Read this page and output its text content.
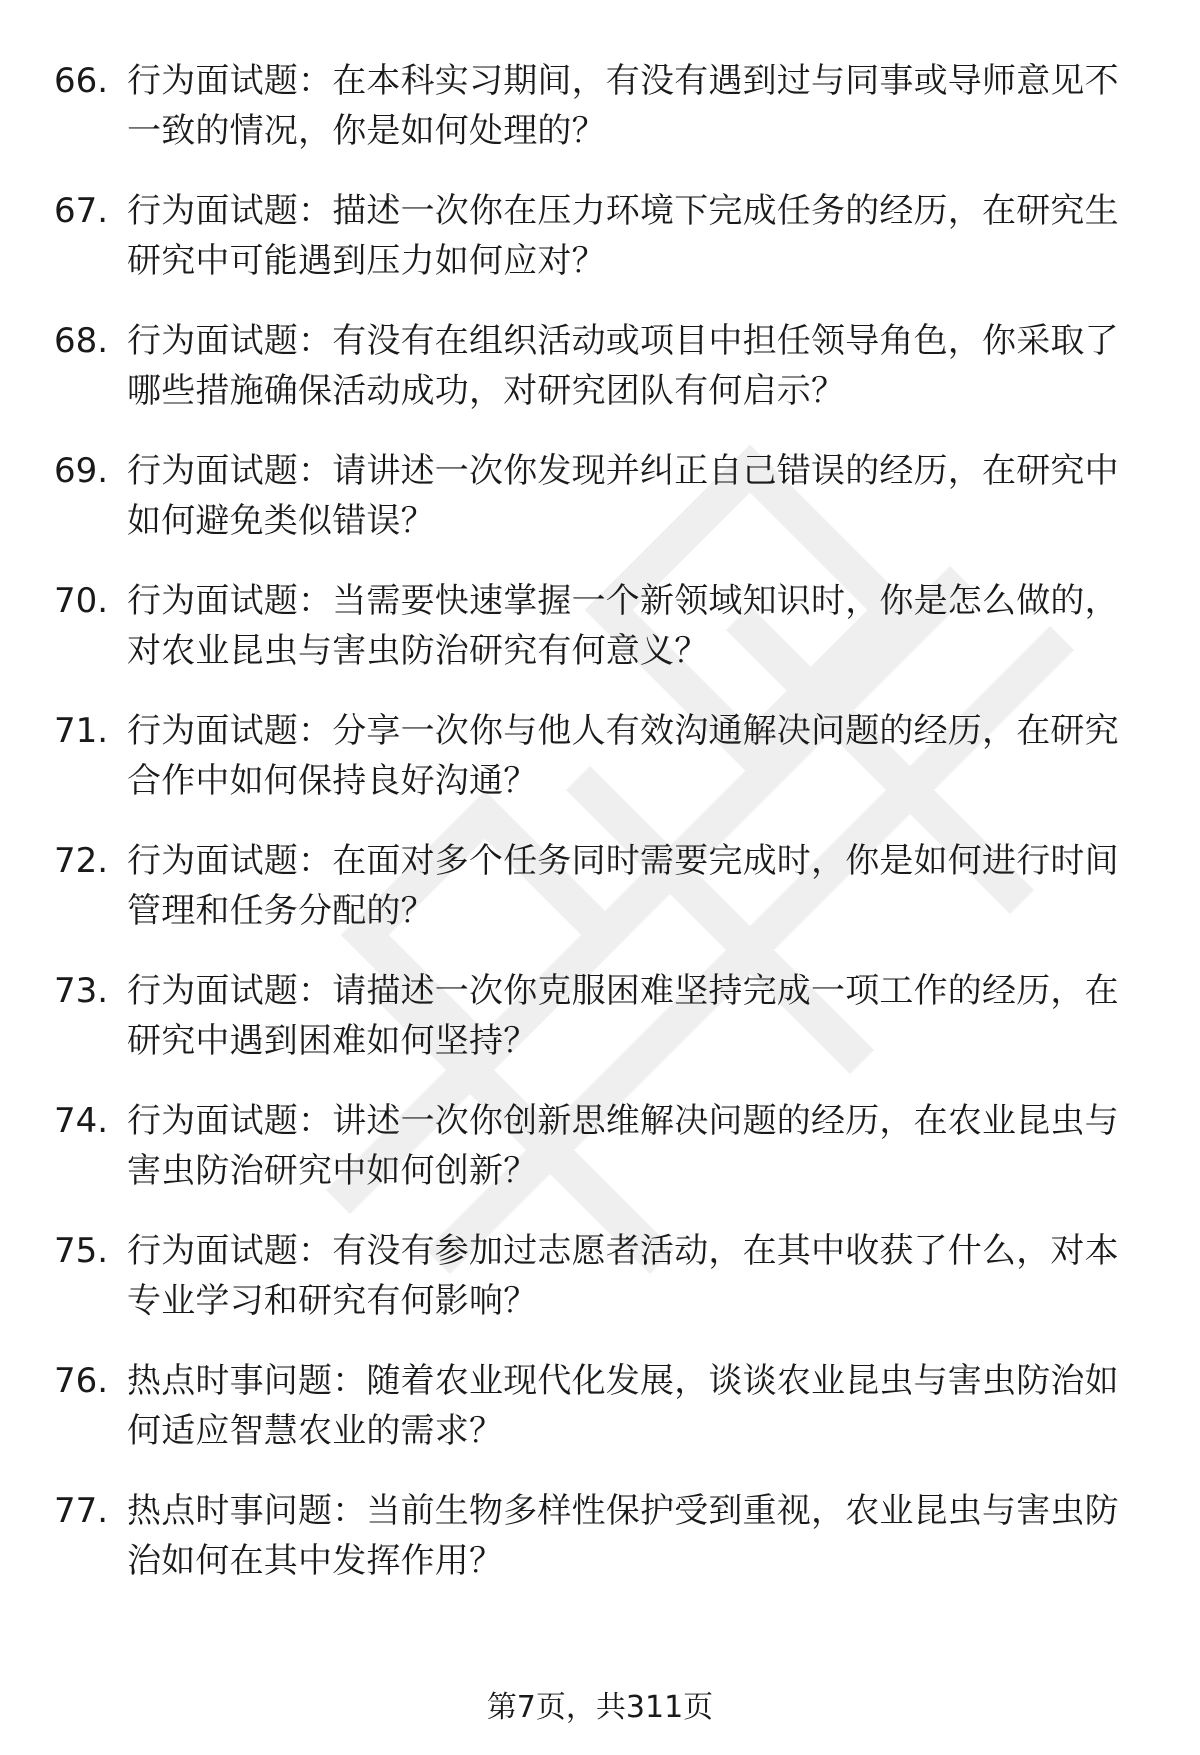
66. 行为面试题：在本科实习期间，有没有遇到过与同事或导师意见不一致的情况，你是如何处理的？
67. 行为面试题：描述一次你在压力环境下完成任务的经历，在研究生研究中可能遇到压力如何应对？
68. 行为面试题：有没有在组织活动或项目中担任领导角色，你采取了哪些措施确保活动成功，对研究团队有何启示？
69. 行为面试题：请讲述一次你发现并纠正自己错误的经历，在研究中如何避免类似错误？
70. 行为面试题：当需要快速掌握一个新领域知识时，你是怎么做的，对农业昆虫与害虫防治研究有何意义？
71. 行为面试题：分享一次你与他人有效沟通解决问题的经历，在研究合作中如何保持良好沟通？
72. 行为面试题：在面对多个任务同时需要完成时，你是如何进行时间管理和任务分配的？
73. 行为面试题：请描述一次你克服困难坚持完成一项工作的经历，在研究中遇到困难如何坚持？
74. 行为面试题：讲述一次你创新思维解决问题的经历，在农业昆虫与害虫防治研究中如何创新？
75. 行为面试题：有没有参加过志愿者活动，在其中收获了什么，对本专业学习和研究有何影响？
76. 热点时事问题：随着农业现代化发展，谈谈农业昆虫与害虫防治如何适应智慧农业的需求？
77. 热点时事问题：当前生物多样性保护受到重视，农业昆虫与害虫防治如何在其中发挥作用？
第7页，共311页
